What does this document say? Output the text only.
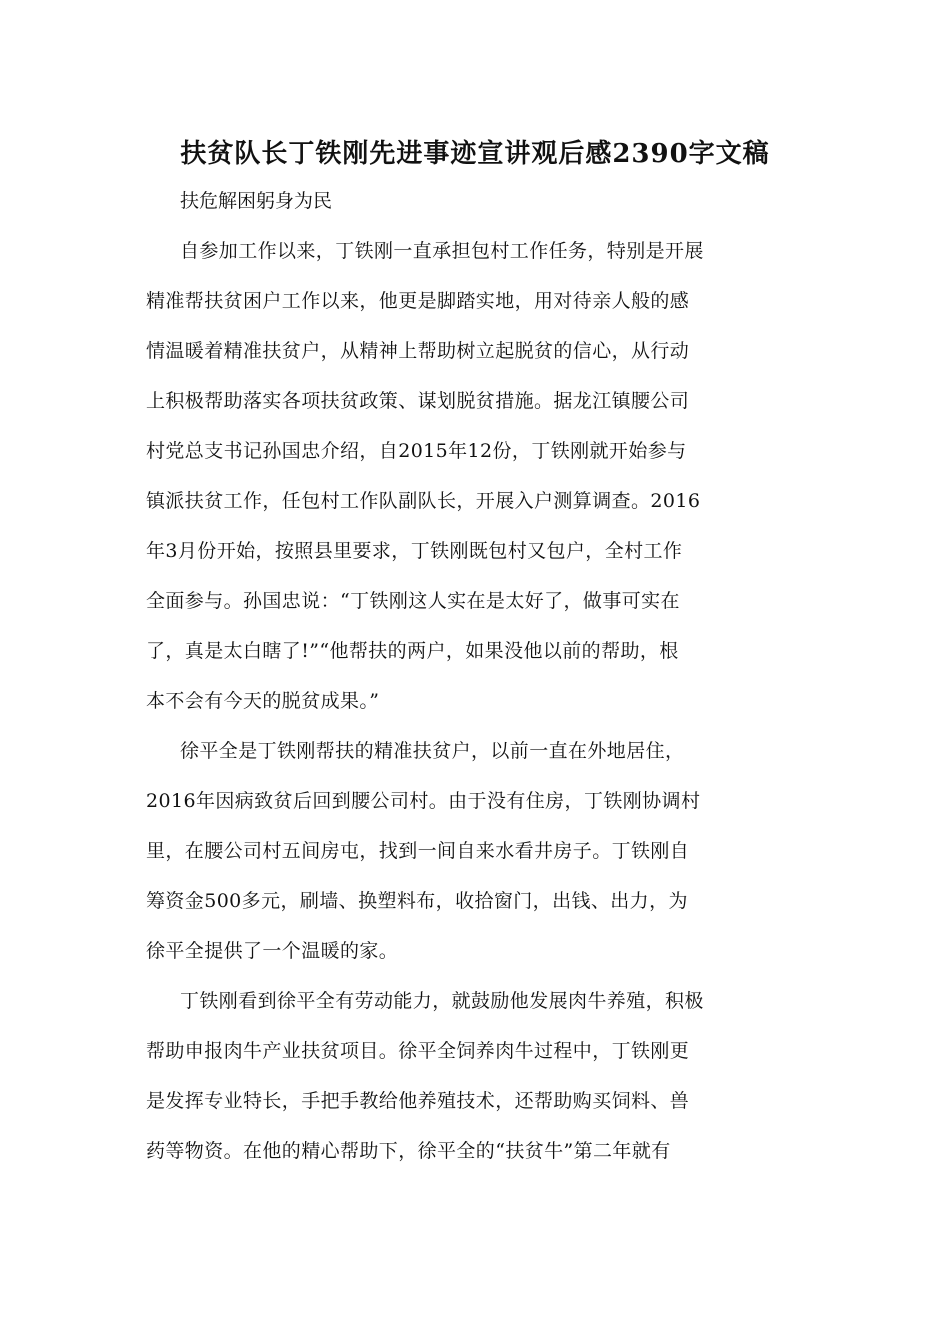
扶贫队长丁铁刚先进事迹宣讲观后感2390字文稿

扶危解困躬身为民

自参加工作以来，丁铁刚一直承担包村工作任务，特别是开展

精准帮扶贫困户工作以来，他更是脚踏实地，用对待亲人般的感

情温暖着精准扶贫户，从精神上帮助树立起脱贫的信心，从行动

上积极帮助落实各项扶贫政策、谋划脱贫措施。据龙江镇腰公司

村党总支书记孙国忠介绍，自2015年12份，丁铁刚就开始参与

镇派扶贫工作，任包村工作队副队长，开展入户测算调查。2016

年3月份开始，按照县里要求，丁铁刚既包村又包户，全村工作

全面参与。孙国忠说：“丁铁刚这人实在是太好了，做事可实在

了，真是太白瞎了!”“他帮扶的两户，如果没他以前的帮助，根

本不会有今天的脱贫成果。”

徐平全是丁铁刚帮扶的精准扶贫户，以前一直在外地居住，

2016年因病致贫后回到腰公司村。由于没有住房，丁铁刚协调村

里，在腰公司村五间房屯，找到一间自来水看井房子。丁铁刚自

筹资金500多元，刷墙、换塑料布，收拾窗门，出钱、出力，为

徐平全提供了一个温暖的家。

丁铁刚看到徐平全有劳动能力，就鼓励他发展肉牛养殖，积极

帮助申报肉牛产业扶贫项目。徐平全饲养肉牛过程中，丁铁刚更

是发挥专业特长，手把手教给他养殖技术，还帮助购买饲料、兽

药等物资。在他的精心帮助下，徐平全的“扶贫牛”第二年就有
